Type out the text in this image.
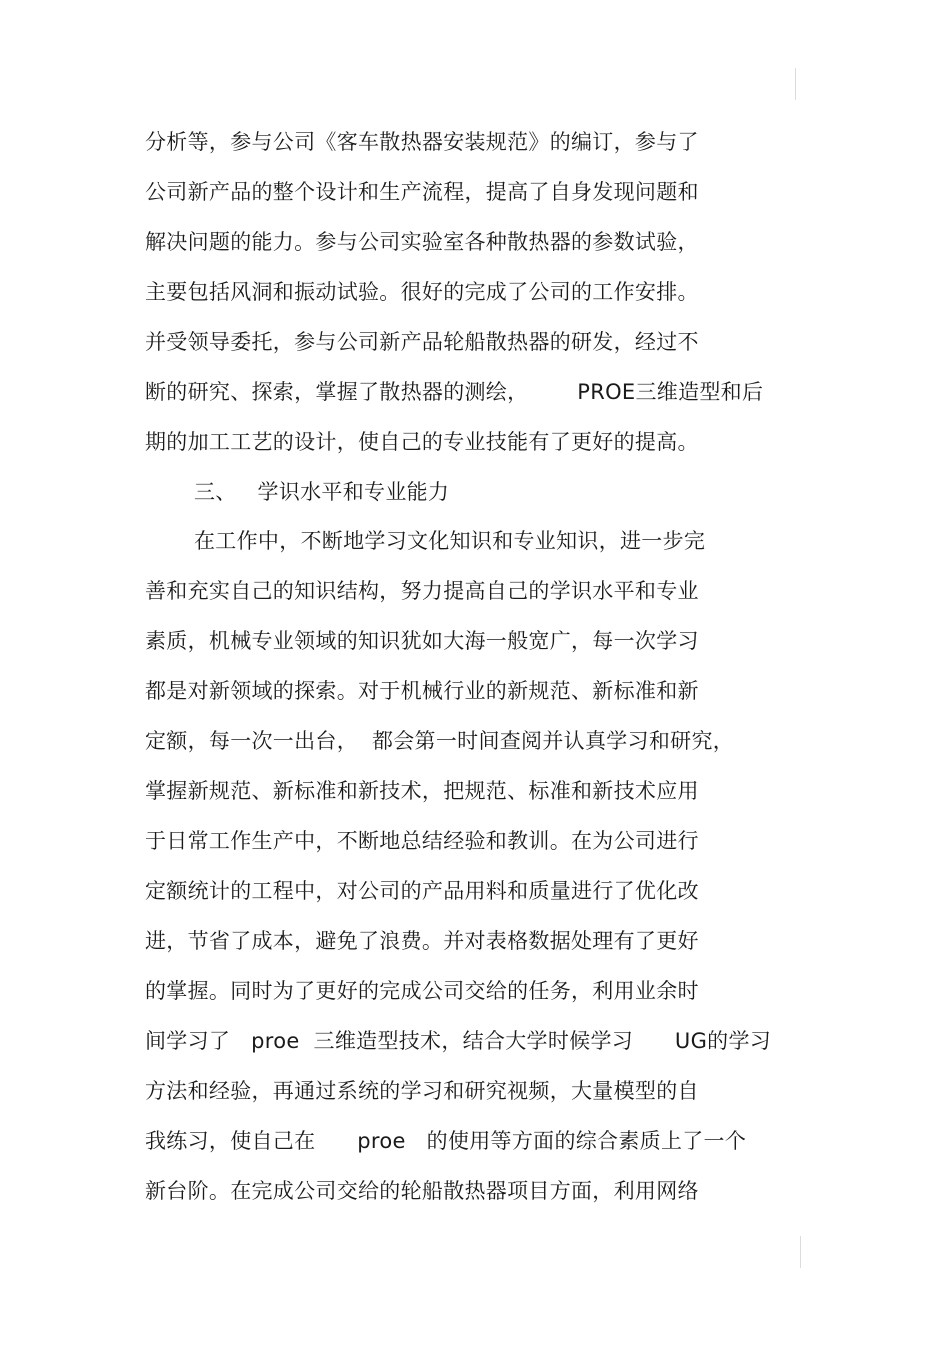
分析等，参与公司《客车散热器安装规范》的编订，参与了
公司新产品的整个设计和生产流程，提高了自身发现问题和
解决问题的能力。参与公司实验室各种散热器的参数试验，
主要包括风洞和振动试验。很好的完成了公司的工作安排。
并受领导委托，参与公司新产品轮船散热器的研发，经过不
断的研究、探索，掌握了散热器的测绘，       PROE三维造型和后
期的加工工艺的设计，使自己的专业技能有了更好的提高。
三、   学识水平和专业能力
在工作中，不断地学习文化知识和专业知识，进一步完
善和充实自己的知识结构，努力提高自己的学识水平和专业
素质，机械专业领域的知识犹如大海一般宽广，每一次学习
都是对新领域的探索。对于机械行业的新规范、新标准和新
定额，每一次一出台，  都会第一时间查阅并认真学习和研究，
掌握新规范、新标准和新技术，把规范、标准和新技术应用
于日常工作生产中，不断地总结经验和教训。在为公司进行
定额统计的工程中，对公司的产品用料和质量进行了优化改
进，节省了成本，避免了浪费。并对表格数据处理有了更好
的掌握。同时为了更好的完成公司交给的任务，利用业余时
间学习了   proe  三维造型技术，结合大学时候学习      UG的学习
方法和经验，再通过系统的学习和研究视频，大量模型的自
我练习，使自己在      proe   的使用等方面的综合素质上了一个
新台阶。在完成公司交给的轮船散热器项目方面，利用网络
